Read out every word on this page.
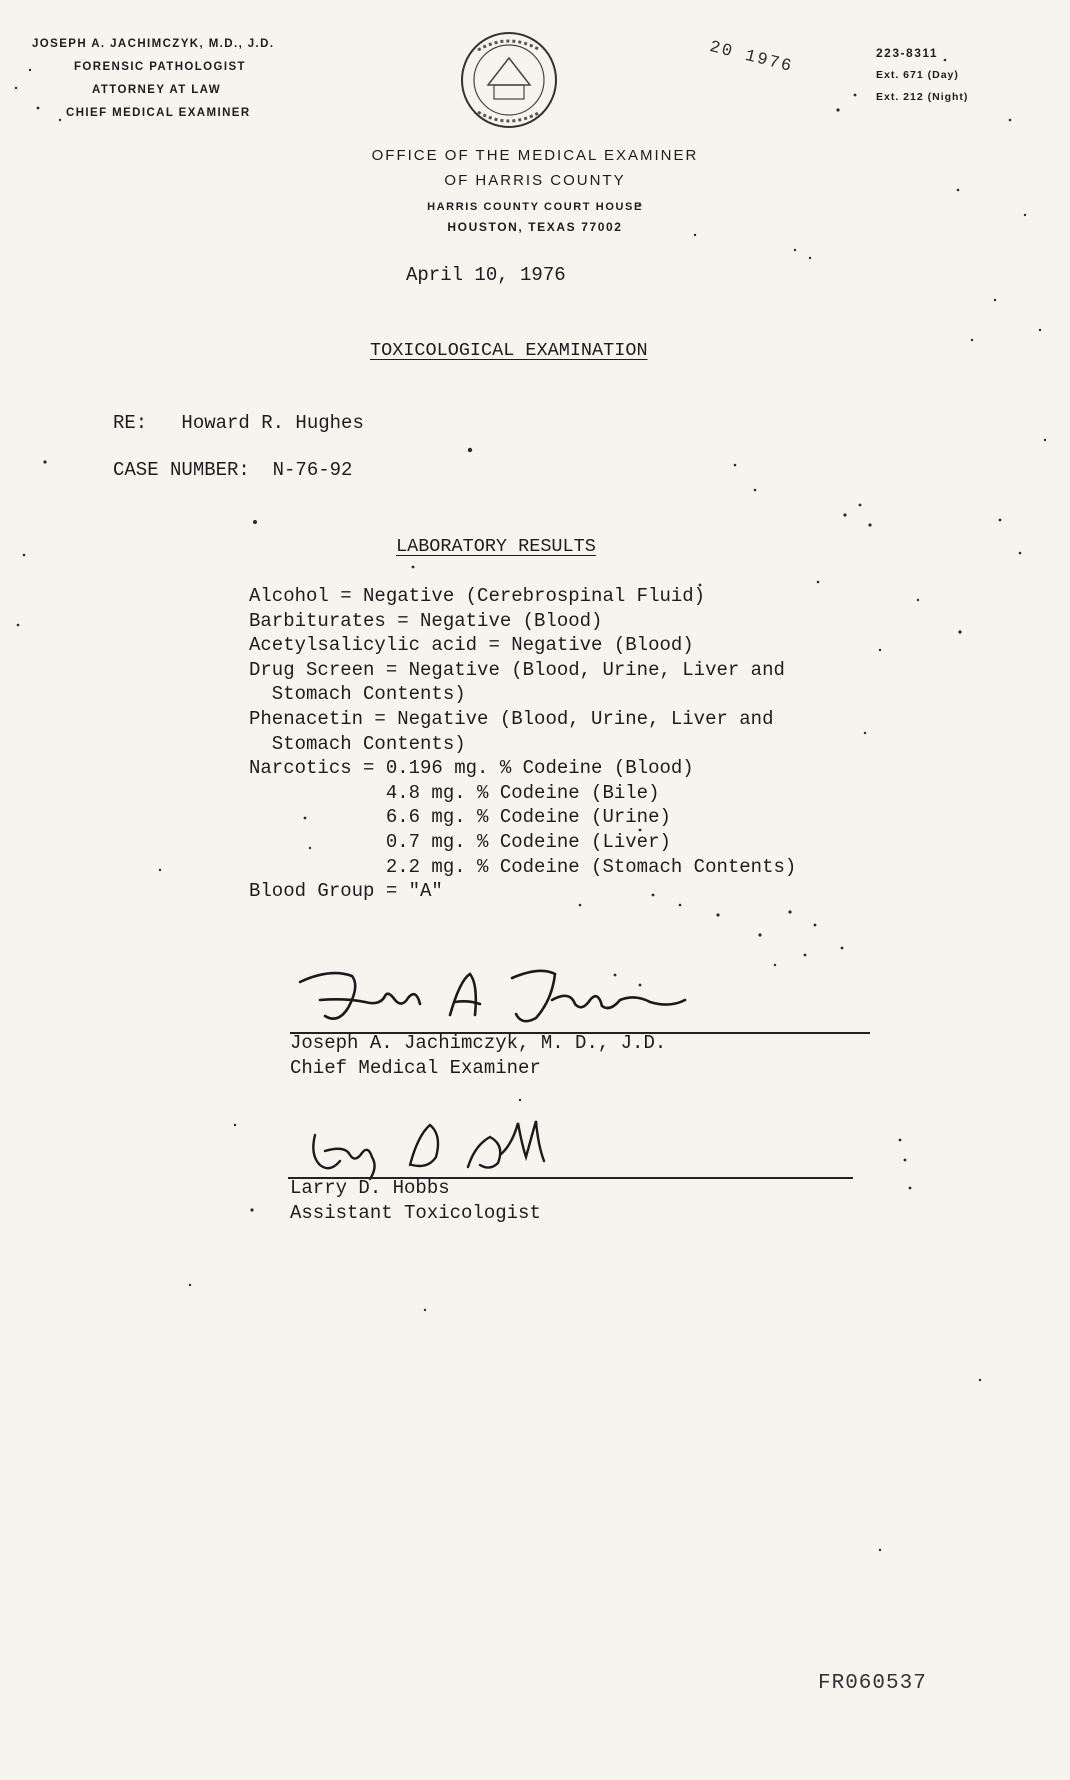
JOSEPH A. JACHIMCZYK, M.D., J.D.
FORENSIC PATHOLOGIST
ATTORNEY AT LAW
CHIEF MEDICAL EXAMINER
20 1976	223-8311
Ext. 671 (Day)
Ext. 212 (Night)
OFFICE OF THE MEDICAL EXAMINER
OF HARRIS COUNTY
HARRIS COUNTY COURT HOUSE
HOUSTON, TEXAS 77002
April 10, 1976
TOXICOLOGICAL EXAMINATION
RE:   Howard R. Hughes
CASE NUMBER:  N-76-92
LABORATORY RESULTS
Alcohol = Negative (Cerebrospinal Fluid)
Barbiturates = Negative (Blood)
Acetylsalicylic acid = Negative (Blood)
Drug Screen = Negative (Blood, Urine, Liver and
Stomach Contents)
Phenacetin = Negative (Blood, Urine, Liver and
Stomach Contents)
Narcotics = 0.196 mg. % Codeine (Blood)
4.8 mg. % Codeine (Bile)
6.6 mg. % Codeine (Urine)
0.7 mg. % Codeine (Liver)
2.2 mg. % Codeine (Stomach Contents)
Blood Group = "A"
Joseph A. Jachimczyk, M. D., J.D.
Chief Medical Examiner
Larry D. Hobbs
Assistant Toxicologist
FR060537
